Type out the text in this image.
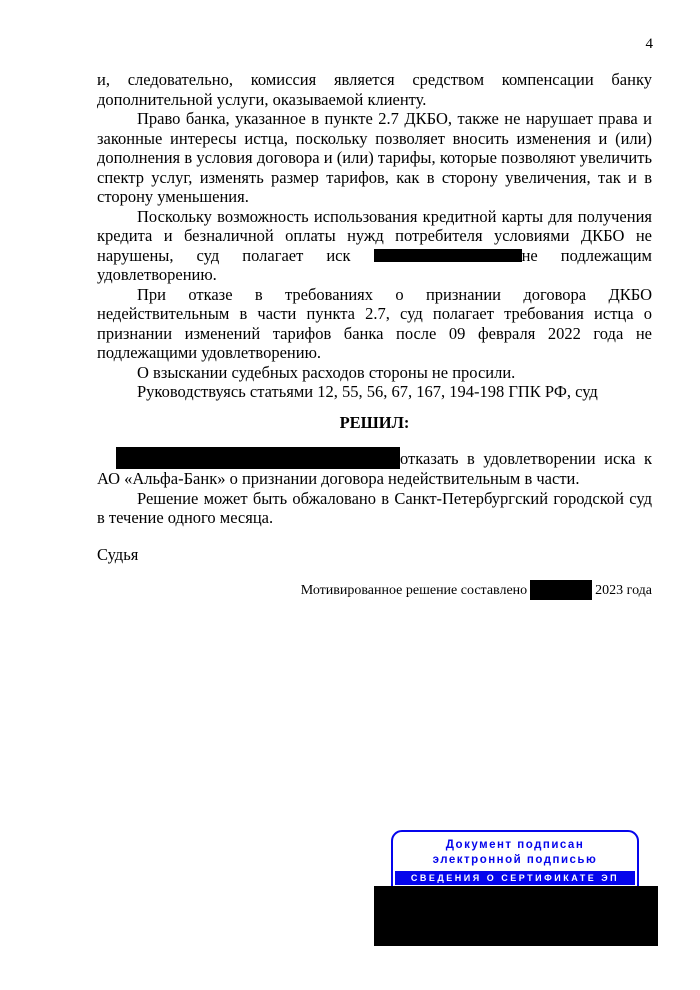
4

и, следовательно, комиссия является средством компенсации банку дополнительной услуги, оказываемой клиенту.

Право банка, указанное в пункте 2.7 ДКБО, также не нарушает права и законные интересы истца, поскольку позволяет вносить изменения и (или) дополнения в условия договора и (или) тарифы, которые позволяют увеличить спектр услуг, изменять размер тарифов, как в сторону увеличения, так и в сторону уменьшения.

Поскольку возможность использования кредитной карты для получения кредита и безналичной оплаты нужд потребителя условиями ДКБО не нарушены, суд полагает иск	не подлежащим удовлетворению.

При отказе в требованиях о признании договора ДКБО недействительным в части пункта 2.7, суд полагает требования истца о признании изменений тарифов банка после 09 февраля 2022 года не подлежащими удовлетворению.

О взыскании судебных расходов стороны не просили.

Руководствуясь статьями 12, 55, 56, 67, 167, 194-198 ГПК РФ, суд

РЕШИЛ:

отказать в удовлетворении иска к АО «Альфа-Банк» о признании договора недействительным в части.

Решение может быть обжаловано в Санкт-Петербургский городской суд в течение одного месяца.

Судья

Мотивированное решение составлено	2023 года
Документ подписан
электронной подписью
СВЕДЕНИЯ О СЕРТИФИКАТЕ ЭП
